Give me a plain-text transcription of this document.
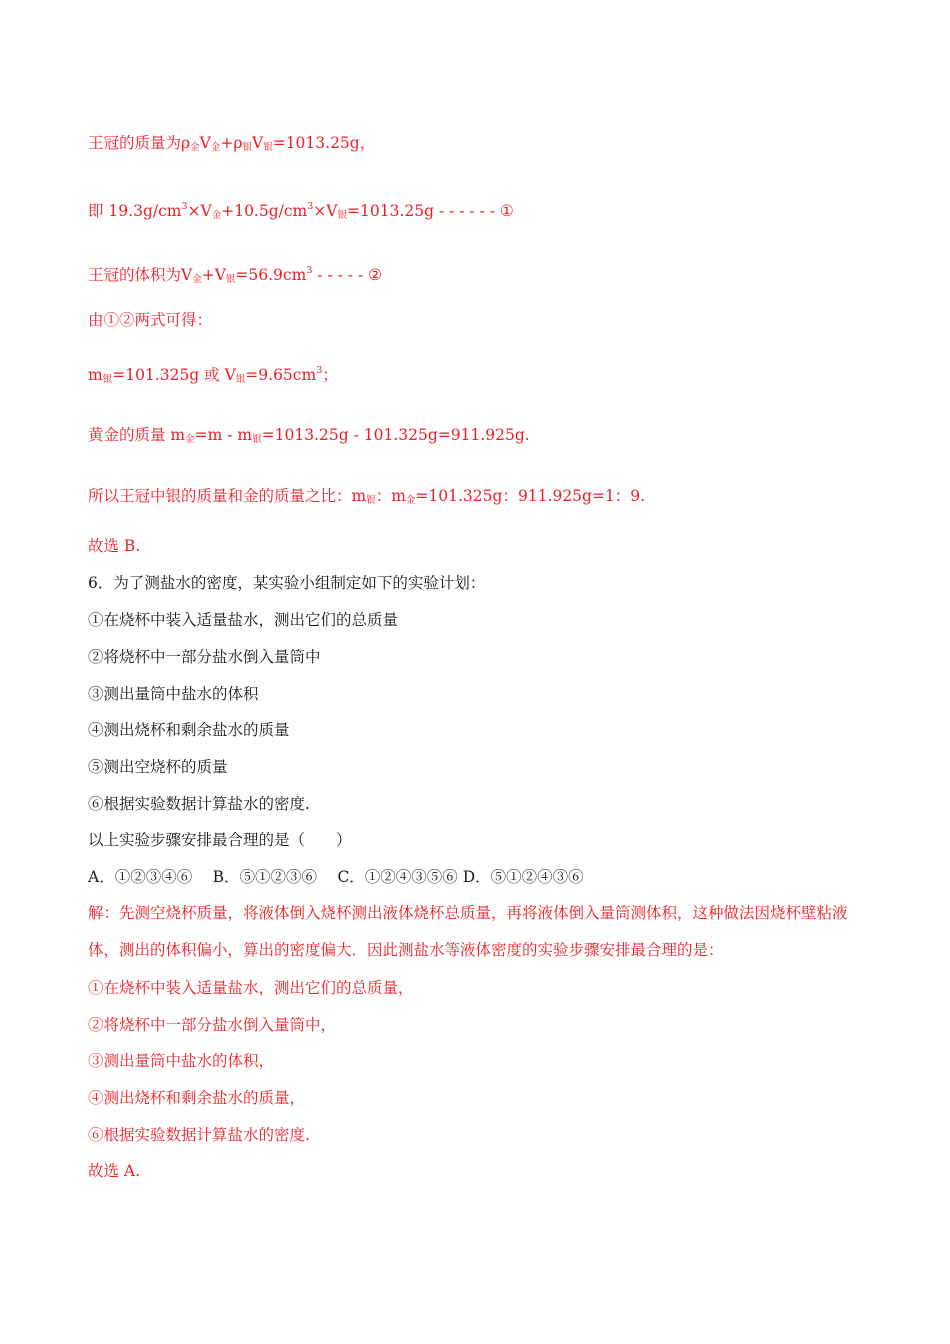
王冠的质量为$\rho_金V_金+\rho_银V_银=1013.25g$，
即 $19.3g/cm^3\times V_金+10.5g/cm^3\times V_银=1013.25g$ - - - - - - ①
王冠的体积为$V_金+V_银=56.9cm^3$ - - - - - ②
由①②两式可得：
$m_银=101.325g$ 或 $V_银=9.65cm^3$；
黄金的质量 $m_金=m - m_银=1013.25g - 101.325g=911.925g$.
所以王冠中银的质量和金的质量之比：$m_银$：$m_金=101.325g$：911.925g=1：9.
故选 B.
6．为了测盐水的密度，某实验小组制定如下的实验计划：
①在烧杯中装入适量盐水，测出它们的总质量
②将烧杯中一部分盐水倒入量筒中
③测出量筒中盐水的体积
④测出烧杯和剩余盐水的质量
⑤测出空烧杯的质量
⑥根据实验数据计算盐水的密度.
以上实验步骤安排最合理的是（　　）
A．①②③④⑥　 B．⑤①②③⑥　 C．①②④③⑤⑥ D．⑤①②④③⑥
解：先测空烧杯质量，将液体倒入烧杯测出液体烧杯总质量，再将液体倒入量筒测体积，这种做法因烧杯壁粘液体，测出的体积偏小，算出的密度偏大．因此测盐水等液体密度的实验步骤安排最合理的是：
①在烧杯中装入适量盐水，测出它们的总质量，
②将烧杯中一部分盐水倒入量筒中，
③测出量筒中盐水的体积，
④测出烧杯和剩余盐水的质量，
⑥根据实验数据计算盐水的密度.
故选 A.
